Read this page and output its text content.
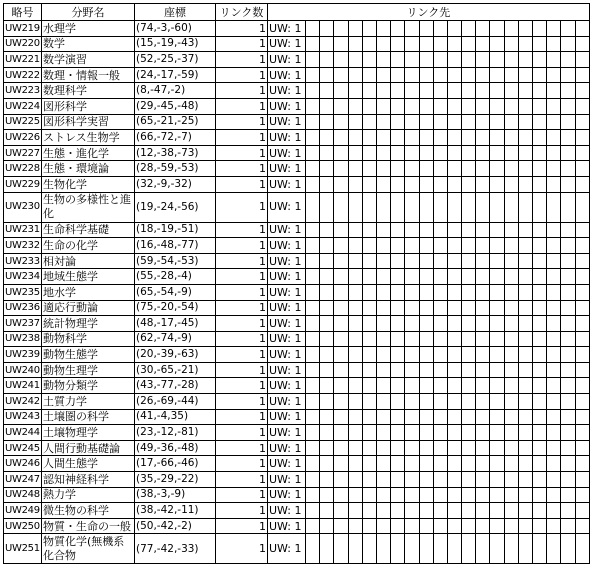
略号	分野名	座標	リンク数	リンク先																				
UW219	水理学	(74,-3,-60)	1	UW: 1																				
UW220	数学	(15,-19,-43)	1	UW: 1																				
UW221	数学演習	(52,-25,-37)	1	UW: 1																				
UW222	数理・情報一般	(24,-17,-59)	1	UW: 1																				
UW223	数理科学	(8,-47,-2)	1	UW: 1																				
UW224	図形科学	(29,-45,-48)	1	UW: 1																				
UW225	図形科学実習	(65,-21,-25)	1	UW: 1																				
UW226	ストレス生物学	(66,-72,-7)	1	UW: 1																				
UW227	生態・進化学	(12,-38,-73)	1	UW: 1																				
UW228	生態・環境論	(28,-59,-53)	1	UW: 1																				
UW229	生物化学	(32,-9,-32)	1	UW: 1																				
UW230	生物の多様性と進化	(19,-24,-56)	1	UW: 1																				
UW231	生命科学基礎	(18,-19,-51)	1	UW: 1																				
UW232	生命の化学	(16,-48,-77)	1	UW: 1																				
UW233	相対論	(59,-54,-53)	1	UW: 1																				
UW234	地域生態学	(55,-28,-4)	1	UW: 1																				
UW235	地水学	(65,-54,-9)	1	UW: 1																				
UW236	適応行動論	(75,-20,-54)	1	UW: 1																				
UW237	統計物理学	(48,-17,-45)	1	UW: 1																				
UW238	動物科学	(62,-74,-9)	1	UW: 1																				
UW239	動物生態学	(20,-39,-63)	1	UW: 1																				
UW240	動物生理学	(30,-65,-21)	1	UW: 1																				
UW241	動物分類学	(43,-77,-28)	1	UW: 1																				
UW242	土質力学	(26,-69,-44)	1	UW: 1																				
UW243	土壌圏の科学	(41,-4,35)	1	UW: 1																				
UW244	土壌物理学	(23,-12,-81)	1	UW: 1																				
UW245	人間行動基礎論	(49,-36,-48)	1	UW: 1																				
UW246	人間生態学	(17,-66,-46)	1	UW: 1																				
UW247	認知神経科学	(35,-29,-22)	1	UW: 1																				
UW248	熱力学	(38,-3,-9)	1	UW: 1																				
UW249	微生物の科学	(38,-42,-11)	1	UW: 1																				
UW250	物質・生命の一般	(50,-42,-2)	1	UW: 1																				
UW251	物質化学(無機系化合物	(77,-42,-33)	1	UW: 1																				
